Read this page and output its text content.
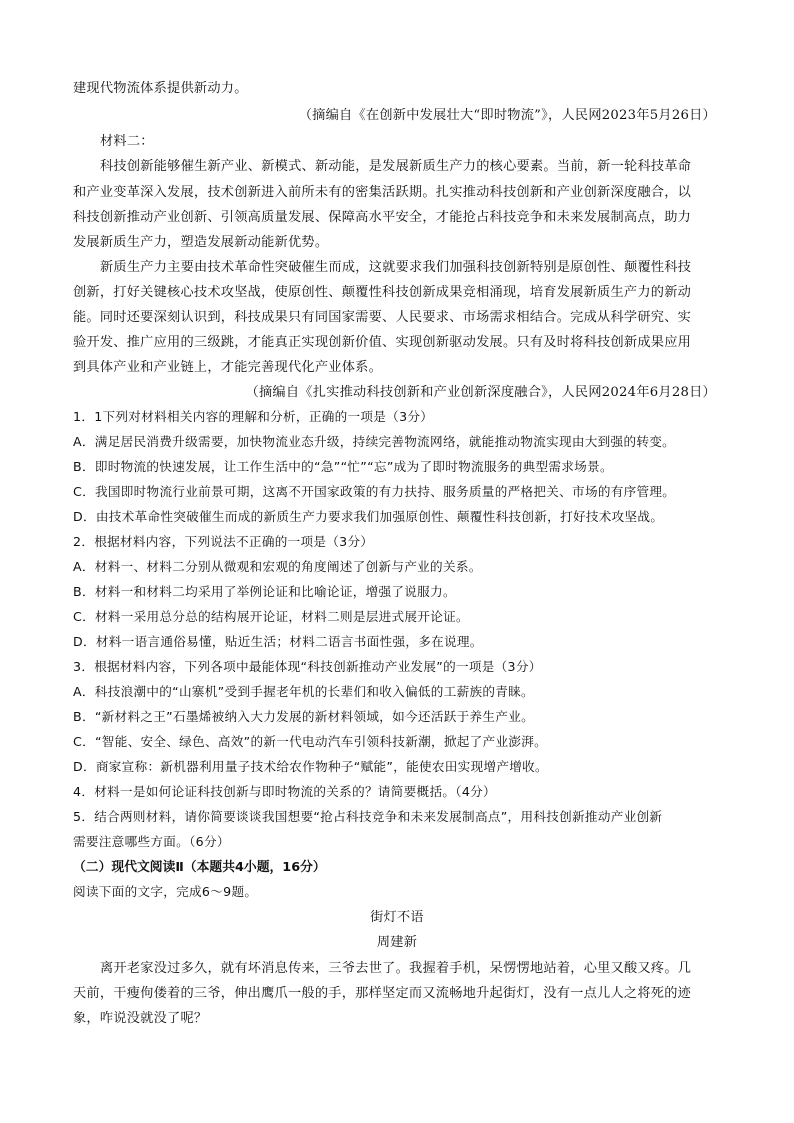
建现代物流体系提供新动力。

（摘编自《在创新中发展壮大“即时物流”》，人民网2023年5月26日）

材料二：

科技创新能够催生新产业、新模式、新动能，是发展新质生产力的核心要素。当前，新一轮科技革命

和产业变革深入发展，技术创新进入前所未有的密集活跃期。扎实推动科技创新和产业创新深度融合，以

科技创新推动产业创新、引领高质量发展、保障高水平安全，才能抢占科技竞争和未来发展制高点，助力

发展新质生产力，塑造发展新动能新优势。

新质生产力主要由技术革命性突破催生而成，这就要求我们加强科技创新特别是原创性、颠覆性科技

创新，打好关键核心技术攻坚战，使原创性、颠覆性科技创新成果竞相涌现，培育发展新质生产力的新动

能。同时还要深刻认识到，科技成果只有同国家需要、人民要求、市场需求相结合。完成从科学研究、实

验开发、推广应用的三级跳，才能真正实现创新价值、实现创新驱动发展。只有及时将科技创新成果应用

到具体产业和产业链上，才能完善现代化产业体系。

（摘编自《扎实推动科技创新和产业创新深度融合》，人民网2024年6月28日）

1．1下列对材料相关内容的理解和分析，正确的一项是（3分）

A．满足居民消费升级需要，加快物流业态升级，持续完善物流网络，就能推动物流实现由大到强的转变。

B．即时物流的快速发展，让工作生活中的“急”“忙”“忘”成为了即时物流服务的典型需求场景。

C．我国即时物流行业前景可期，这离不开国家政策的有力扶持、服务质量的严格把关、市场的有序管理。

D．由技术革命性突破催生而成的新质生产力要求我们加强原创性、颠覆性科技创新，打好技术攻坚战。

2．根据材料内容，下列说法不正确的一项是（3分）

A．材料一、材料二分别从微观和宏观的角度阐述了创新与产业的关系。

B．材料一和材料二均采用了举例论证和比喻论证，增强了说服力。

C．材料一采用总分总的结构展开论证，材料二则是层进式展开论证。

D．材料一语言通俗易懂，贴近生活；材料二语言书面性强，多在说理。

3．根据材料内容，下列各项中最能体现“科技创新推动产业发展”的一项是（3分）

A．科技浪潮中的“山寨机”受到手握老年机的长辈们和收入偏低的工薪族的青睐。

B．“新材料之王”石墨烯被纳入大力发展的新材料领域，如今还活跃于养生产业。

C．“智能、安全、绿色、高效”的新一代电动汽车引领科技新潮，掀起了产业澎湃。

D．商家宣称：新机器利用量子技术给农作物种子“赋能”，能使农田实现增产增收。

4．材料一是如何论证科技创新与即时物流的关系的？请简要概括。（4分）

5．结合两则材料，请你简要谈谈我国想要“抢占科技竞争和未来发展制高点”，用科技创新推动产业创新

需要注意哪些方面。（6分）

（二）现代文阅读Ⅱ（本题共4小题，16分）

阅读下面的文字，完成6～9题。

街灯不语

周建新

离开老家没过多久，就有坏消息传来，三爷去世了。我握着手机，呆愣愣地站着，心里又酸又疼。几

天前，干瘦佝偻着的三爷，伸出鹰爪一般的手，那样坚定而又流畅地升起街灯，没有一点儿人之将死的迹

象，咋说没就没了呢？
